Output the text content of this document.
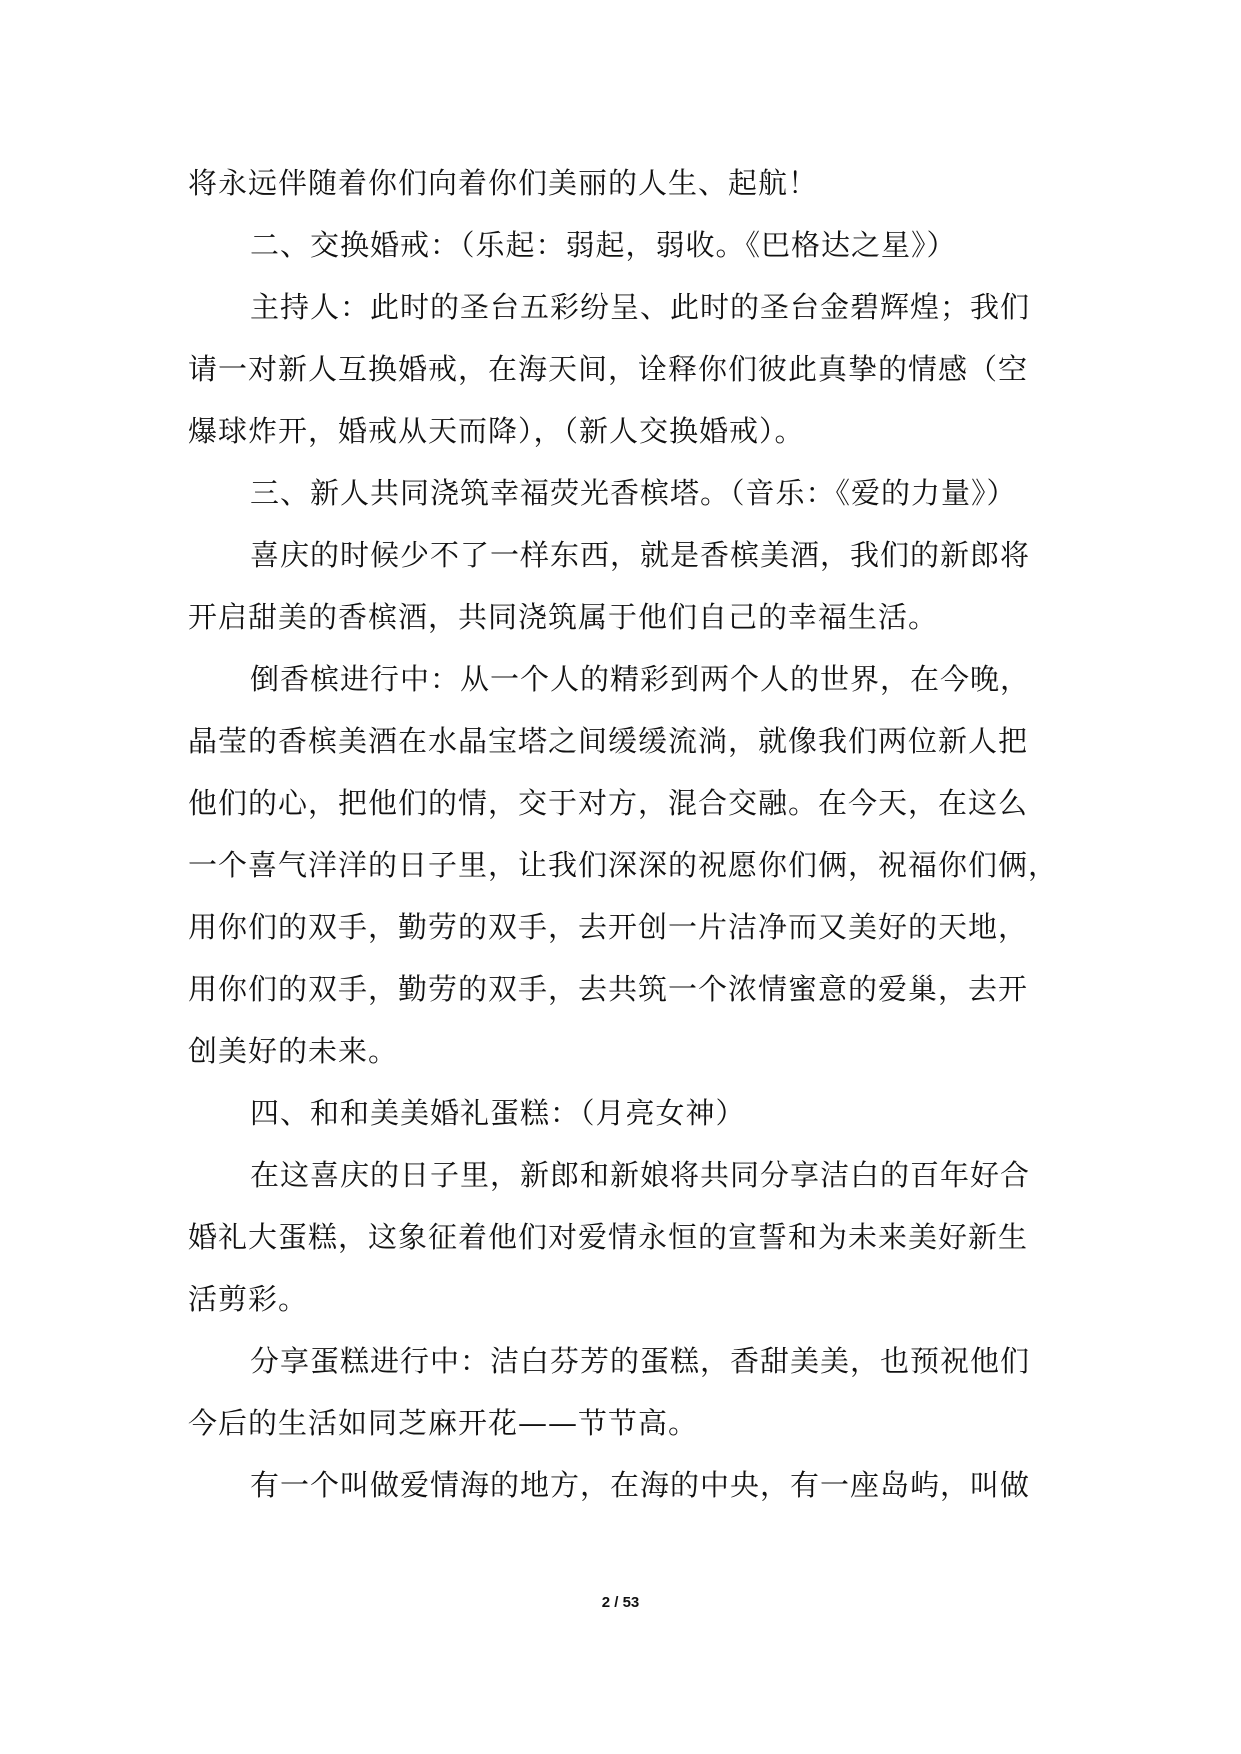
将永远伴随着你们向着你们美丽的人生、起航！
二、交换婚戒：（乐起：弱起，弱收。《巴格达之星》）
主持人：此时的圣台五彩纷呈、此时的圣台金碧辉煌；我们
请一对新人互换婚戒，在海天间，诠释你们彼此真挚的情感（空
爆球炸开，婚戒从天而降），（新人交换婚戒）。
三、新人共同浇筑幸福荧光香槟塔。（音乐：《爱的力量》）
喜庆的时候少不了一样东西，就是香槟美酒，我们的新郎将
开启甜美的香槟酒，共同浇筑属于他们自己的幸福生活。
倒香槟进行中：从一个人的精彩到两个人的世界，在今晚，
晶莹的香槟美酒在水晶宝塔之间缓缓流淌，就像我们两位新人把
他们的心，把他们的情，交于对方，混合交融。在今天，在这么
一个喜气洋洋的日子里，让我们深深的祝愿你们俩，祝福你们俩，
用你们的双手，勤劳的双手，去开创一片洁净而又美好的天地，
用你们的双手，勤劳的双手，去共筑一个浓情蜜意的爱巢，去开
创美好的未来。
四、和和美美婚礼蛋糕：（月亮女神）
在这喜庆的日子里，新郎和新娘将共同分享洁白的百年好合
婚礼大蛋糕，这象征着他们对爱情永恒的宣誓和为未来美好新生
活剪彩。
分享蛋糕进行中：洁白芬芳的蛋糕，香甜美美，也预祝他们
今后的生活如同芝麻开花——节节高。
有一个叫做爱情海的地方，在海的中央，有一座岛屿，叫做
2 / 53
